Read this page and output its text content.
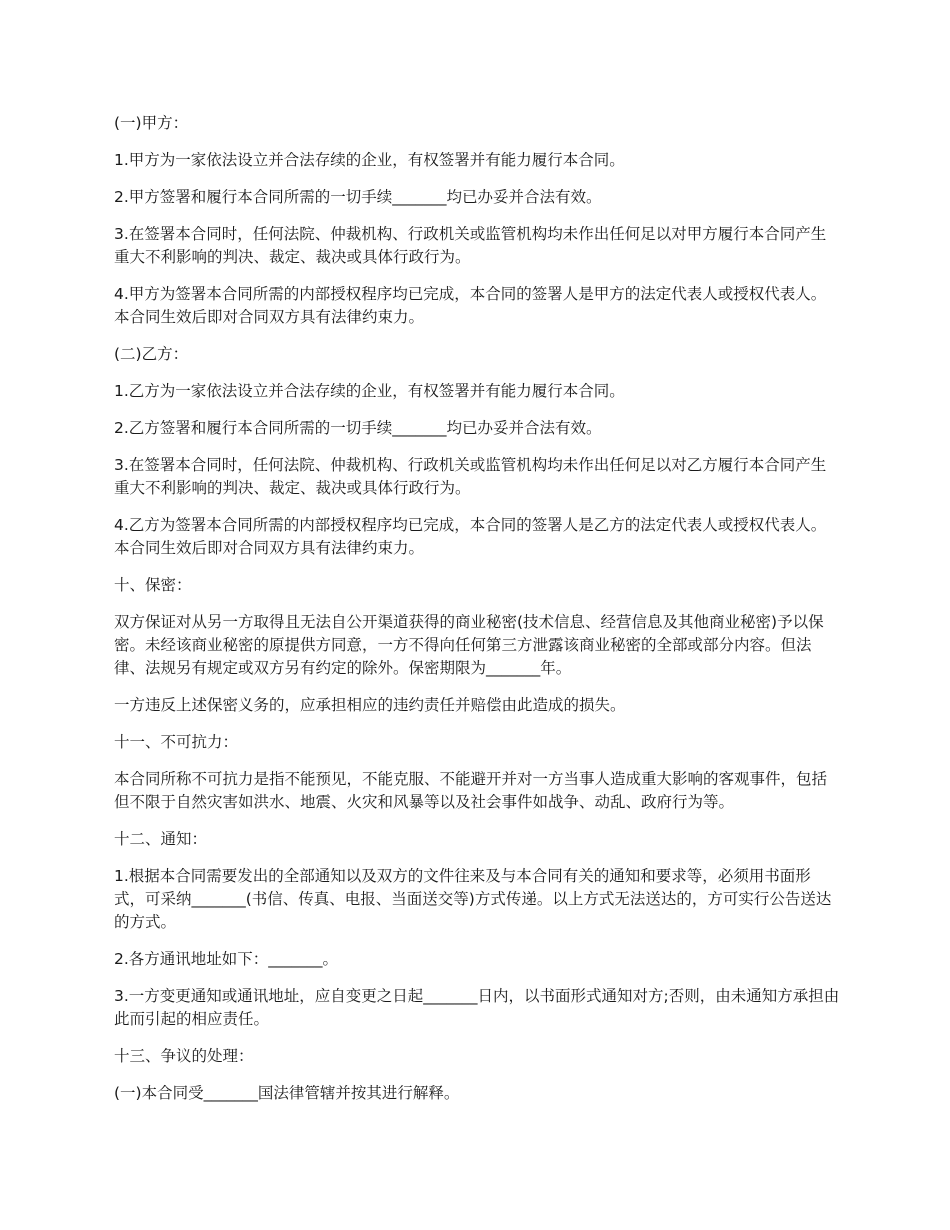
(一)甲方：

1.甲方为一家依法设立并合法存续的企业，有权签署并有能力履行本合同。

2.甲方签署和履行本合同所需的一切手续_______均已办妥并合法有效。

3.在签署本合同时，任何法院、仲裁机构、行政机关或监管机构均未作出任何足以对甲方履行本合同产生重大不利影响的判决、裁定、裁决或具体行政行为。

4.甲方为签署本合同所需的内部授权程序均已完成，本合同的签署人是甲方的法定代表人或授权代表人。本合同生效后即对合同双方具有法律约束力。

(二)乙方：

1.乙方为一家依法设立并合法存续的企业，有权签署并有能力履行本合同。

2.乙方签署和履行本合同所需的一切手续_______均已办妥并合法有效。

3.在签署本合同时，任何法院、仲裁机构、行政机关或监管机构均未作出任何足以对乙方履行本合同产生重大不利影响的判决、裁定、裁决或具体行政行为。

4.乙方为签署本合同所需的内部授权程序均已完成，本合同的签署人是乙方的法定代表人或授权代表人。本合同生效后即对合同双方具有法律约束力。

十、保密：

双方保证对从另一方取得且无法自公开渠道获得的商业秘密(技术信息、经营信息及其他商业秘密)予以保密。未经该商业秘密的原提供方同意，一方不得向任何第三方泄露该商业秘密的全部或部分内容。但法律、法规另有规定或双方另有约定的除外。保密期限为_______年。

一方违反上述保密义务的，应承担相应的违约责任并赔偿由此造成的损失。

十一、不可抗力：

本合同所称不可抗力是指不能预见，不能克服、不能避开并对一方当事人造成重大影响的客观事件，包括但不限于自然灾害如洪水、地震、火灾和风暴等以及社会事件如战争、动乱、政府行为等。

十二、通知：

1.根据本合同需要发出的全部通知以及双方的文件往来及与本合同有关的通知和要求等，必须用书面形式，可采纳_______(书信、传真、电报、当面送交等)方式传递。以上方式无法送达的，方可实行公告送达的方式。

2.各方通讯地址如下：_______。

3.一方变更通知或通讯地址，应自变更之日起_______日内，以书面形式通知对方;否则，由未通知方承担由此而引起的相应责任。

十三、争议的处理：

(一)本合同受_______国法律管辖并按其进行解释。
